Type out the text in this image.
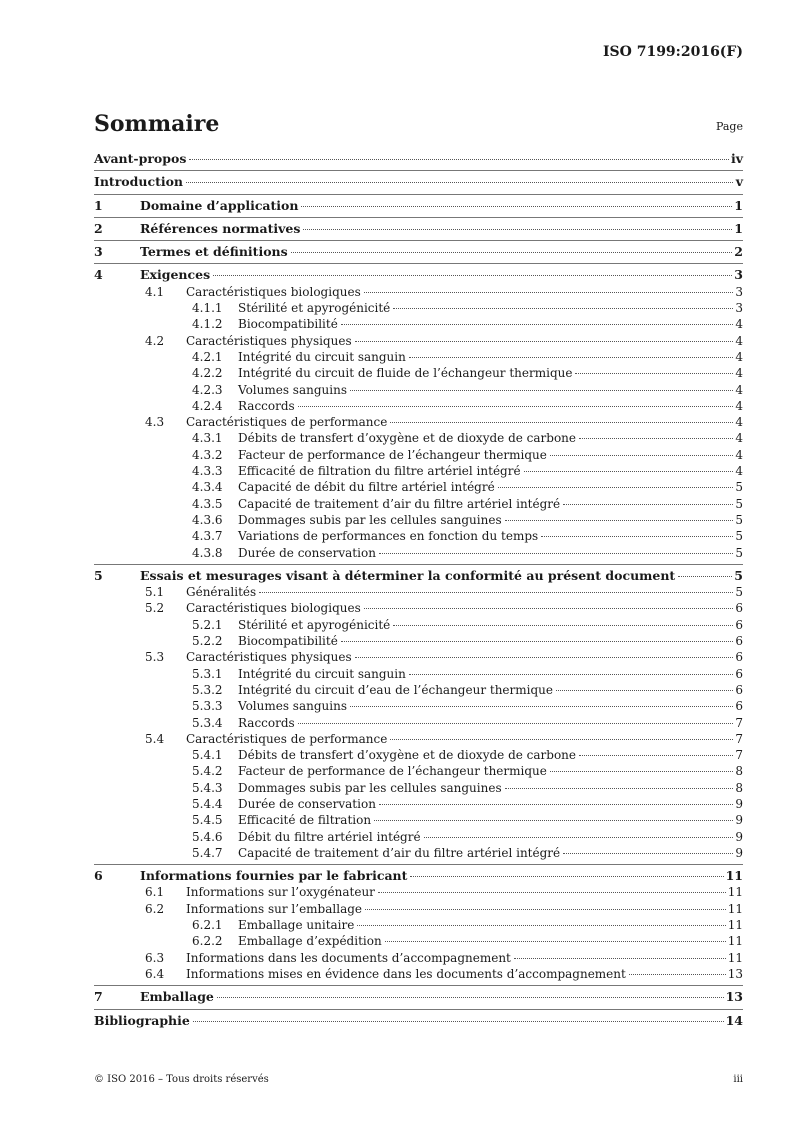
ISO 7199:2016(F)
Sommaire	Page
Avant-propos	iv
Introduction	v
1	Domaine d’application	1
2	Références normatives	1
3	Termes et définitions	2
4	Exigences	3
4.1 Caractéristiques biologiques	3
4.1.1 Stérilité et apyrogénicité	3
4.1.2 Biocompatibilité	4
4.2 Caractéristiques physiques	4
4.2.1 Intégrité du circuit sanguin	4
4.2.2 Intégrité du circuit de fluide de l’échangeur thermique	4
4.2.3 Volumes sanguins	4
4.2.4 Raccords	4
4.3 Caractéristiques de performance	4
4.3.1 Débits de transfert d’oxygène et de dioxyde de carbone	4
4.3.2 Facteur de performance de l’échangeur thermique	4
4.3.3 Efficacité de filtration du filtre artériel intégré	4
4.3.4 Capacité de débit du filtre artériel intégré	5
4.3.5 Capacité de traitement d’air du filtre artériel intégré	5
4.3.6 Dommages subis par les cellules sanguines	5
4.3.7 Variations de performances en fonction du temps	5
4.3.8 Durée de conservation	5
5	Essais et mesurages visant à déterminer la conformité au présent document	5
5.1 Généralités	5
5.2 Caractéristiques biologiques	6
5.2.1 Stérilité et apyrogénicité	6
5.2.2 Biocompatibilité	6
5.3 Caractéristiques physiques	6
5.3.1 Intégrité du circuit sanguin	6
5.3.2 Intégrité du circuit d’eau de l’échangeur thermique	6
5.3.3 Volumes sanguins	6
5.3.4 Raccords	7
5.4 Caractéristiques de performance	7
5.4.1 Débits de transfert d’oxygène et de dioxyde de carbone	7
5.4.2 Facteur de performance de l’échangeur thermique	8
5.4.3 Dommages subis par les cellules sanguines	8
5.4.4 Durée de conservation	9
5.4.5 Efficacité de filtration	9
5.4.6 Débit du filtre artériel intégré	9
5.4.7 Capacité de traitement d’air du filtre artériel intégré	9
6	Informations fournies par le fabricant	11
6.1 Informations sur l’oxygénateur	11
6.2 Informations sur l’emballage	11
6.2.1 Emballage unitaire	11
6.2.2 Emballage d’expédition	11
6.3 Informations dans les documents d’accompagnement	11
6.4 Informations mises en évidence dans les documents d’accompagnement	13
7	Emballage	13
Bibliographie	14
© ISO 2016 – Tous droits réservés	iii
